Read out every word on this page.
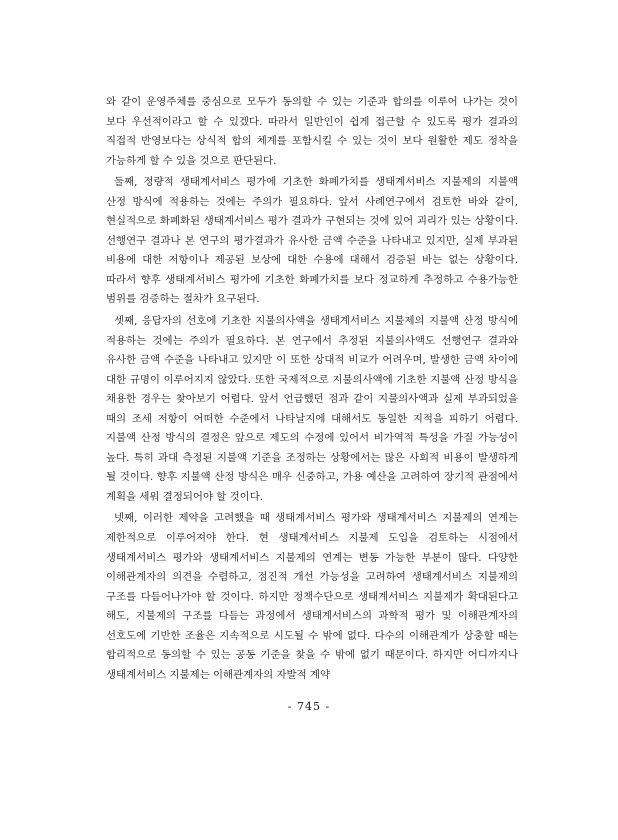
와 같이 운영주체를 중심으로 모두가 동의할 수 있는 기준과 합의를 이루어 나가는 것이 보다 우선적이라고 할 수 있겠다. 따라서 일반인이 쉽게 접근할 수 있도록 평가 결과의 직접적 반영보다는 상식적 합의 체계를 포함시킬 수 있는 것이 보다 원활한 제도 정착을 가능하게 할 수 있을 것으로 판단된다.

둘째, 정량적 생태계서비스 평가에 기초한 화폐가치를 생태계서비스 지불제의 지불액 산정 방식에 적용하는 것에는 주의가 필요하다. 앞서 사례연구에서 검토한 바와 같이, 현실적으로 화폐화된 생태계서비스 평가 결과가 구현되는 것에 있어 괴리가 있는 상황이다. 선행연구 결과나 본 연구의 평가결과가 유사한 금액 수준을 나타내고 있지만, 실제 부과된 비용에 대한 저항이나 제공된 보상에 대한 수용에 대해서 검증된 바는 없는 상황이다. 따라서 향후 생태계서비스 평가에 기초한 화폐가치를 보다 정교하게 추정하고 수용가능한 범위를 검증하는 절차가 요구된다.

셋째, 응답자의 선호에 기초한 지불의사액을 생태계서비스 지불제의 지불액 산정 방식에 적용하는 것에는 주의가 필요하다. 본 연구에서 추정된 지불의사액도 선행연구 결과와 유사한 금액 수준을 나타내고 있지만 이 또한 상대적 비교가 어려우며, 발생한 금액 차이에 대한 규명이 이루어지지 않았다. 또한 국제적으로 지불의사액에 기초한 지불액 산정 방식을 채용한 경우는 찾아보기 어렵다. 앞서 언급했던 점과 같이 지불의사액과 실제 부과되었을 때의 조세 저항이 어떠한 수준에서 나타날지에 대해서도 동일한 지적을 피하기 어렵다. 지불액 산정 방식의 결정은 앞으로 제도의 수정에 있어서 비가역적 특성을 가질 가능성이 높다. 특히 과대 측정된 지불액 기준을 조정하는 상황에서는 많은 사회적 비용이 발생하게 될 것이다. 향후 지불액 산정 방식은 매우 신중하고, 가용 예산을 고려하여 장기적 관점에서 계획을 세워 결정되어야 할 것이다.

넷째, 이러한 제약을 고려했을 때 생태계서비스 평가와 생태계서비스 지불제의 연계는 제한적으로 이루어져야 한다. 현 생태계서비스 지불제 도입을 검토하는 시점에서 생태계서비스 평가와 생태계서비스 지불제의 연계는 변동 가능한 부분이 많다. 다양한 이해관계자의 의견을 수렴하고, 점진적 개선 가능성을 고려하여 생태계서비스 지불제의 구조를 다듬어나가야 할 것이다. 하지만 정책수단으로 생태계서비스 지불제가 확대된다고 해도, 지불제의 구조를 다듬는 과정에서 생태계서비스의 과학적 평가 및 이해관계자의 선호도에 기반한 조율은 지속적으로 시도될 수 밖에 없다. 다수의 이해관계가 상충할 때는 합리적으로 동의할 수 있는 공동 기준을 찾을 수 밖에 없기 때문이다. 하지만 어디까지나 생태계서비스 지불제는 이해관계자의 자발적 계약

- 745 -
